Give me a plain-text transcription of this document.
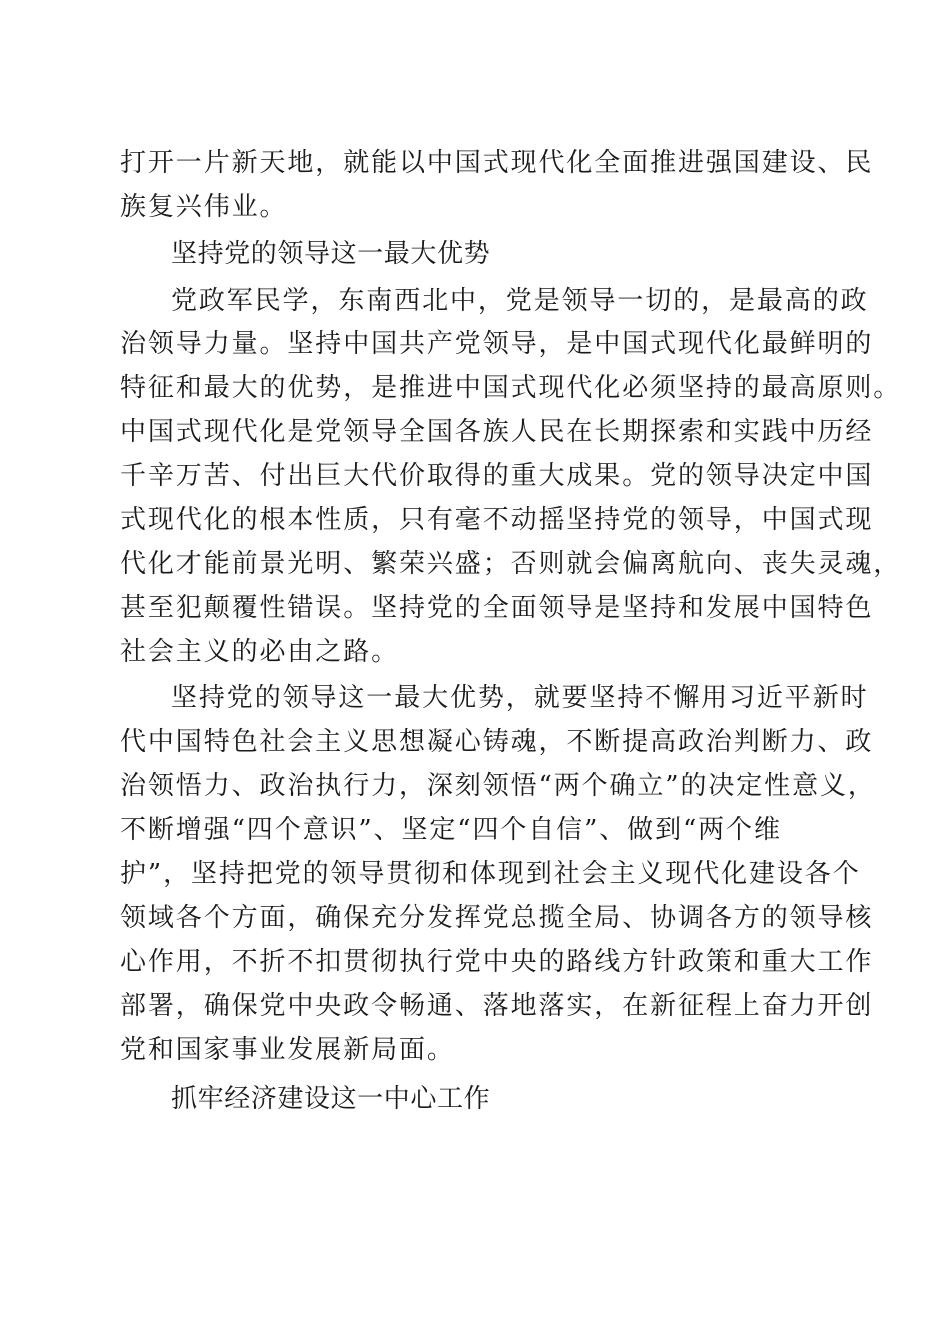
打开一片新天地，就能以中国式现代化全面推进强国建设、民
族复兴伟业。
坚持党的领导这一最大优势
党政军民学，东南西北中，党是领导一切的，是最高的政
治领导力量。坚持中国共产党领导，是中国式现代化最鲜明的
特征和最大的优势，是推进中国式现代化必须坚持的最高原则。
中国式现代化是党领导全国各族人民在长期探索和实践中历经
千辛万苦、付出巨大代价取得的重大成果。党的领导决定中国
式现代化的根本性质，只有毫不动摇坚持党的领导，中国式现
代化才能前景光明、繁荣兴盛；否则就会偏离航向、丧失灵魂，
甚至犯颠覆性错误。坚持党的全面领导是坚持和发展中国特色
社会主义的必由之路。
坚持党的领导这一最大优势，就要坚持不懈用习近平新时
代中国特色社会主义思想凝心铸魂，不断提高政治判断力、政
治领悟力、政治执行力，深刻领悟“两个确立”的决定性意义，
不断增强“四个意识”、坚定“四个自信”、做到“两个维
护”，坚持把党的领导贯彻和体现到社会主义现代化建设各个
领域各个方面，确保充分发挥党总揽全局、协调各方的领导核
心作用，不折不扣贯彻执行党中央的路线方针政策和重大工作
部署，确保党中央政令畅通、落地落实，在新征程上奋力开创
党和国家事业发展新局面。
抓牢经济建设这一中心工作
